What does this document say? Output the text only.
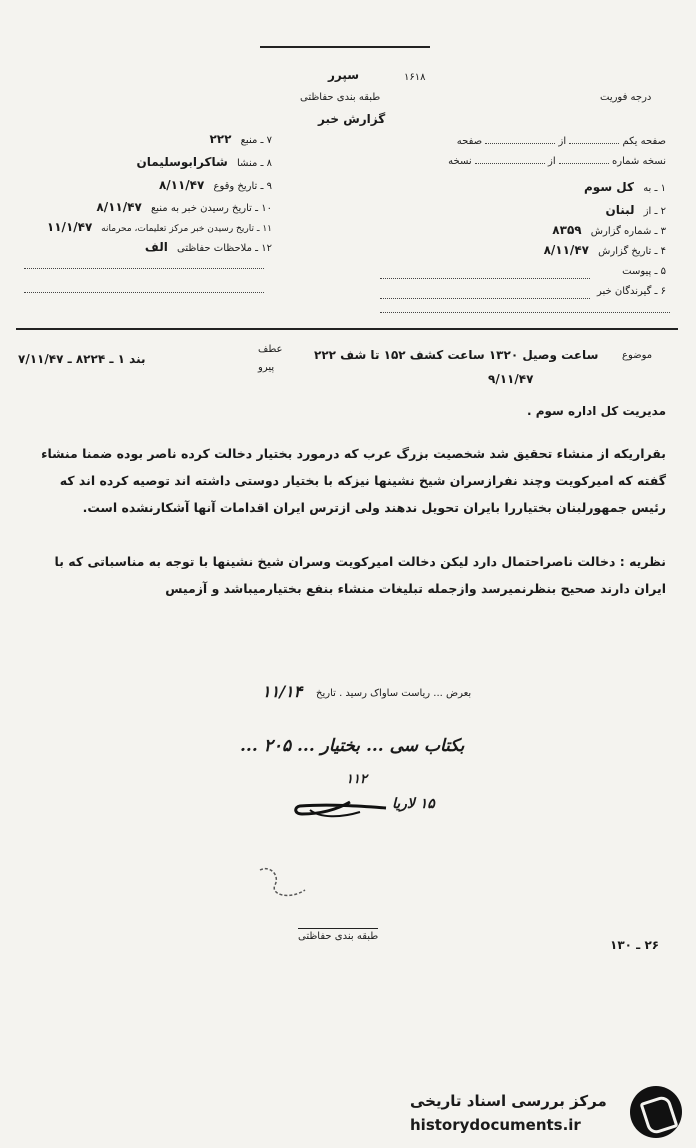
درجه فوریت
سپرر	۱۶۱۸
طبقه بندی حفاظتی
گزارش خبر
صفحه یکم  از  صفحه
نسخه شماره  از  نسخه
۱ ـ به کل سوم
۲ ـ از لبنان
۳ ـ شماره گزارش ۸۳۵۹
۴ ـ تاریخ گزارش ۸/۱۱/۴۷
۵ ـ پیوست
۶ ـ گیرندگان خبر
۷ ـ منبع ۲۲۲
۸ ـ منشا شاکرابوسلیمان
۹ ـ تاریخ وقوع ۸/۱۱/۴۷
۱۰ ـ تاریخ رسیدن خبر به منبع ۸/۱۱/۴۷
۱۱ ـ تاریخ رسیدن خبر مرکز تعلیمات، محرمانه ۱۱/۱/۴۷
۱۲ ـ ملاحظات حفاظتی الف
موضوع
ساعت وصیل ۱۳۲۰ ساعت کشف ۱۵۲ تا شف ۲۲۲
۹/۱۱/۴۷
عطف
پیرو
بند ۱ ـ ۸۲۲۴ ـ ۷/۱۱/۴۷
مدیریت کل اداره سوم .
بقراریکه از منشاء تحقیق شد شخصیت بزرگ عرب که درمورد بختیار دخالت کرده ناصر بوده ضمنا منشاء گفته که امیرکویت وچند نفرازسران شیخ نشینها نیزکه با بختیار دوستی داشته اند توصیه کرده اند که رئیس جمهورلبنان بختیاررا بایران تحویل ندهند ولی ازترس ایران اقدامات آنها آشکارنشده است.
نظریه : دخالت ناصراحتمال دارد لیکن دخالت امیرکویت وسران شیخ نشینها با توجه به مناسباتی که با ایران دارند صحیح بنظرنمیرسد وازجمله تبلیغات منشاء بنفع بختیارمیباشد و آزمیس
بعرض ... ریاست ساواک رسید . تاریخ
۱۱/۱۴
بکتاب سی ... بختیار ... ۲۰۵ ...
۱۱۲
۱۵ لاریا
طبقه بندی حفاظتی
۲۶ ـ ۱۳۰
مرکز بررسی اسناد تاریخی
historydocuments.ir
